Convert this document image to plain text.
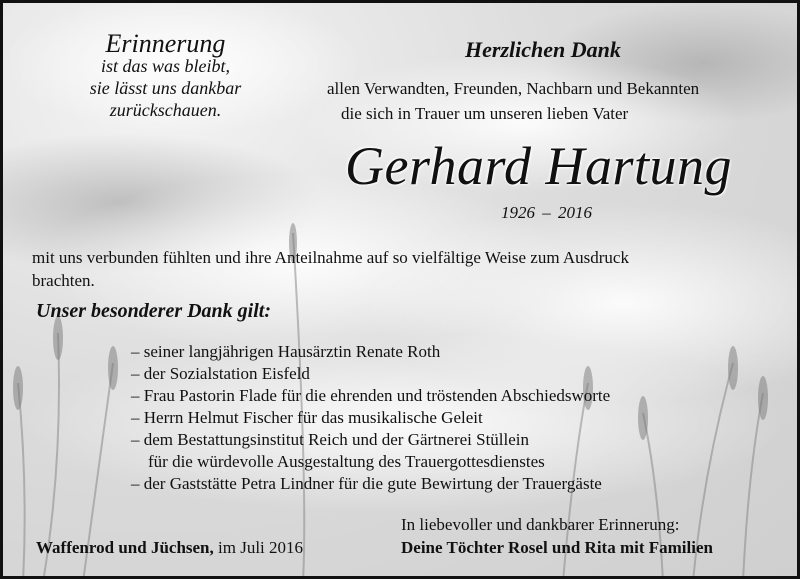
Erinnerung
ist das was bleibt,
sie lässt uns dankbar
zurückschauen.
Herzlichen Dank
allen Verwandten, Freunden, Nachbarn und Bekannten
die sich in Trauer um unseren lieben Vater
Gerhard Hartung
1926 – 2016
mit uns verbunden fühlten und ihre Anteilnahme auf so vielfältige Weise zum Ausdruck
brachten.
Unser besonderer Dank gilt:
– seiner langjährigen Hausärztin Renate Roth
– der Sozialstation Eisfeld
– Frau Pastorin Flade für die ehrenden und tröstenden Abschiedsworte
– Herrn Helmut Fischer für das musikalische Geleit
– dem Bestattungsinstitut Reich und der Gärtnerei Stüllein
für die würdevolle Ausgestaltung des Trauergottesdienstes
– der Gaststätte Petra Lindner für die gute Bewirtung der Trauergäste
In liebevoller und dankbarer Erinnerung:
Deine Töchter Rosel und Rita mit Familien
Waffenrod und Jüchsen, im Juli 2016
